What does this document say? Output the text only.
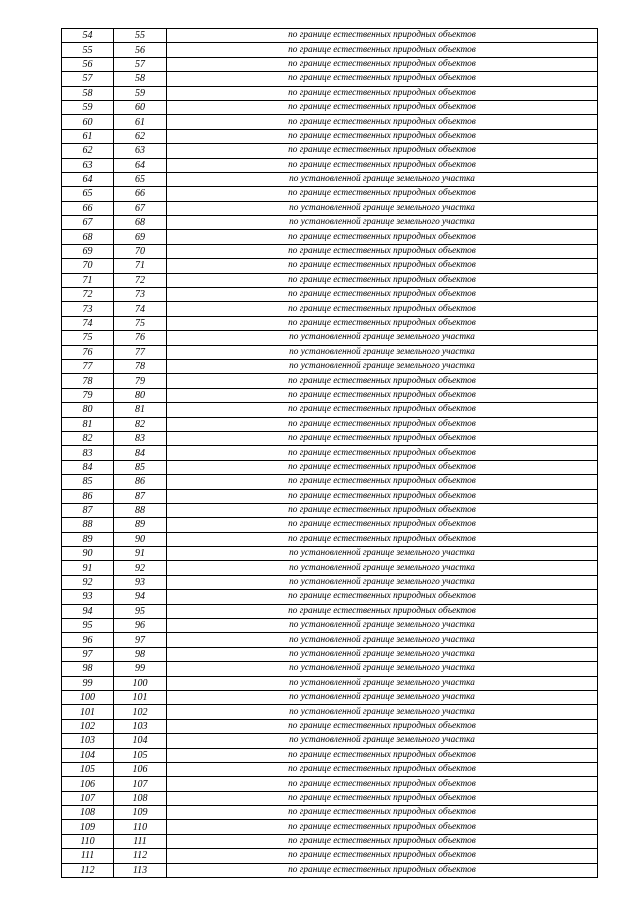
54	55	по границе естественных природных объектов
55	56	по границе естественных природных объектов
56	57	по границе естественных природных объектов
57	58	по границе естественных природных объектов
58	59	по границе естественных природных объектов
59	60	по границе естественных природных объектов
60	61	по границе естественных природных объектов
61	62	по границе естественных природных объектов
62	63	по границе естественных природных объектов
63	64	по границе естественных природных объектов
64	65	по установленной границе земельного участка
65	66	по границе естественных природных объектов
66	67	по установленной границе земельного участка
67	68	по установленной границе земельного участка
68	69	по границе естественных природных объектов
69	70	по границе естественных природных объектов
70	71	по границе естественных природных объектов
71	72	по границе естественных природных объектов
72	73	по границе естественных природных объектов
73	74	по границе естественных природных объектов
74	75	по границе естественных природных объектов
75	76	по установленной границе земельного участка
76	77	по установленной границе земельного участка
77	78	по установленной границе земельного участка
78	79	по границе естественных природных объектов
79	80	по границе естественных природных объектов
80	81	по границе естественных природных объектов
81	82	по границе естественных природных объектов
82	83	по границе естественных природных объектов
83	84	по границе естественных природных объектов
84	85	по границе естественных природных объектов
85	86	по границе естественных природных объектов
86	87	по границе естественных природных объектов
87	88	по границе естественных природных объектов
88	89	по границе естественных природных объектов
89	90	по границе естественных природных объектов
90	91	по установленной границе земельного участка
91	92	по установленной границе земельного участка
92	93	по установленной границе земельного участка
93	94	по границе естественных природных объектов
94	95	по границе естественных природных объектов
95	96	по установленной границе земельного участка
96	97	по установленной границе земельного участка
97	98	по установленной границе земельного участка
98	99	по установленной границе земельного участка
99	100	по установленной границе земельного участка
100	101	по установленной границе земельного участка
101	102	по установленной границе земельного участка
102	103	по границе естественных природных объектов
103	104	по установленной границе земельного участка
104	105	по границе естественных природных объектов
105	106	по границе естественных природных объектов
106	107	по границе естественных природных объектов
107	108	по границе естественных природных объектов
108	109	по границе естественных природных объектов
109	110	по границе естественных природных объектов
110	111	по границе естественных природных объектов
111	112	по границе естественных природных объектов
112	113	по границе естественных природных объектов
